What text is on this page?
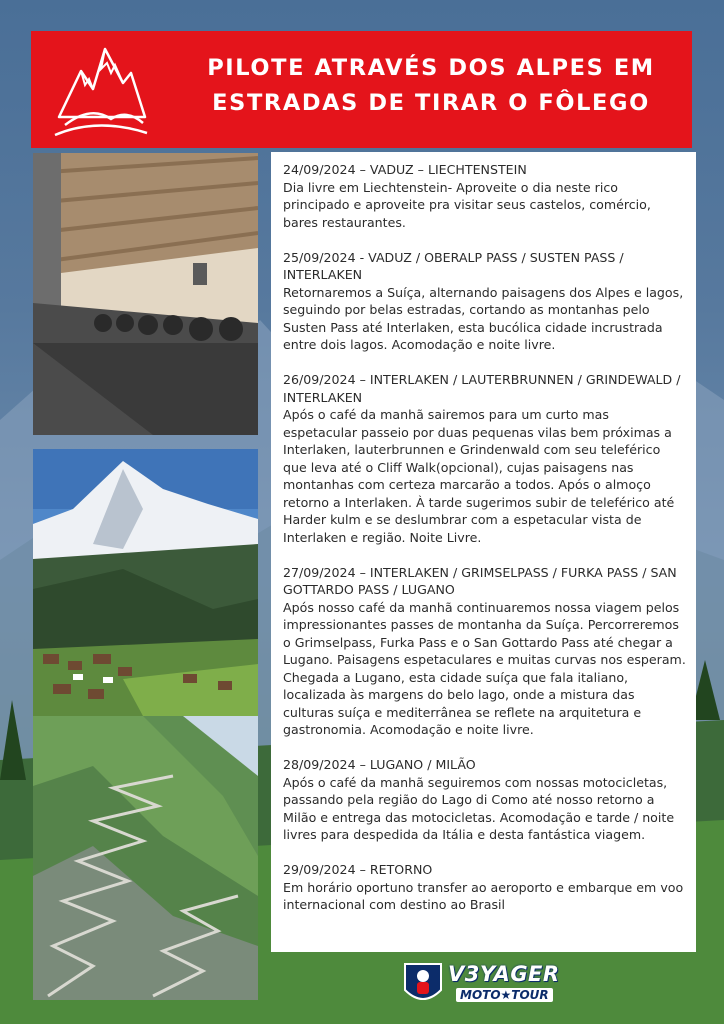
PILOTE ATRAVÉS DOS ALPES EM
ESTRADAS DE TIRAR O FÔLEGO
24/09/2024 – VADUZ – LIECHTENSTEIN
Dia livre em Liechtenstein- Aproveite o dia neste rico principado e aproveite pra visitar seus castelos, comércio, bares restaurantes.
25/09/2024 - VADUZ / OBERALP PASS / SUSTEN PASS / INTERLAKEN
Retornaremos a Suíça, alternando paisagens dos Alpes e lagos, seguindo por belas estradas, cortando as montanhas pelo Susten Pass até Interlaken, esta bucólica cidade incrustrada entre dois lagos. Acomodação e noite livre.
26/09/2024 – INTERLAKEN / LAUTERBRUNNEN / GRINDEWALD / INTERLAKEN
Após o café da manhã sairemos para um curto mas espetacular passeio por duas pequenas vilas bem próximas a Interlaken, lauterbrunnen e Grindenwald com seu teleférico que leva até o Cliff Walk(opcional), cujas paisagens nas montanhas com certeza marcarão a todos. Após o almoço retorno a Interlaken. À tarde sugerimos subir de teleférico até Harder kulm e se deslumbrar com a espetacular vista de Interlaken e região. Noite Livre.
27/09/2024 – INTERLAKEN / GRIMSELPASS / FURKA PASS / SAN GOTTARDO PASS / LUGANO
Após nosso café da manhã continuaremos nossa viagem pelos impressionantes passes de montanha da Suíça. Percorreremos o Grimselpass, Furka Pass e o San Gottardo Pass até chegar a Lugano. Paisagens espetaculares e muitas curvas nos esperam. Chegada a Lugano, esta cidade suíça que fala italiano, localizada às margens do belo lago, onde a mistura das culturas suíça e mediterrânea se reflete na arquitetura e gastronomia. Acomodação e noite livre.
28/09/2024 – LUGANO / MILÃO
Após o café da manhã seguiremos com nossas motocicletas, passando pela região do Lago di Como até nosso retorno a Milão e entrega das motocicletas. Acomodação e tarde / noite livres para despedida da Itália e desta fantástica viagem.
29/09/2024 – RETORNO
Em horário oportuno transfer ao aeroporto e embarque em voo internacional com destino ao Brasil
V3YAGER
MOTO★TOUR
